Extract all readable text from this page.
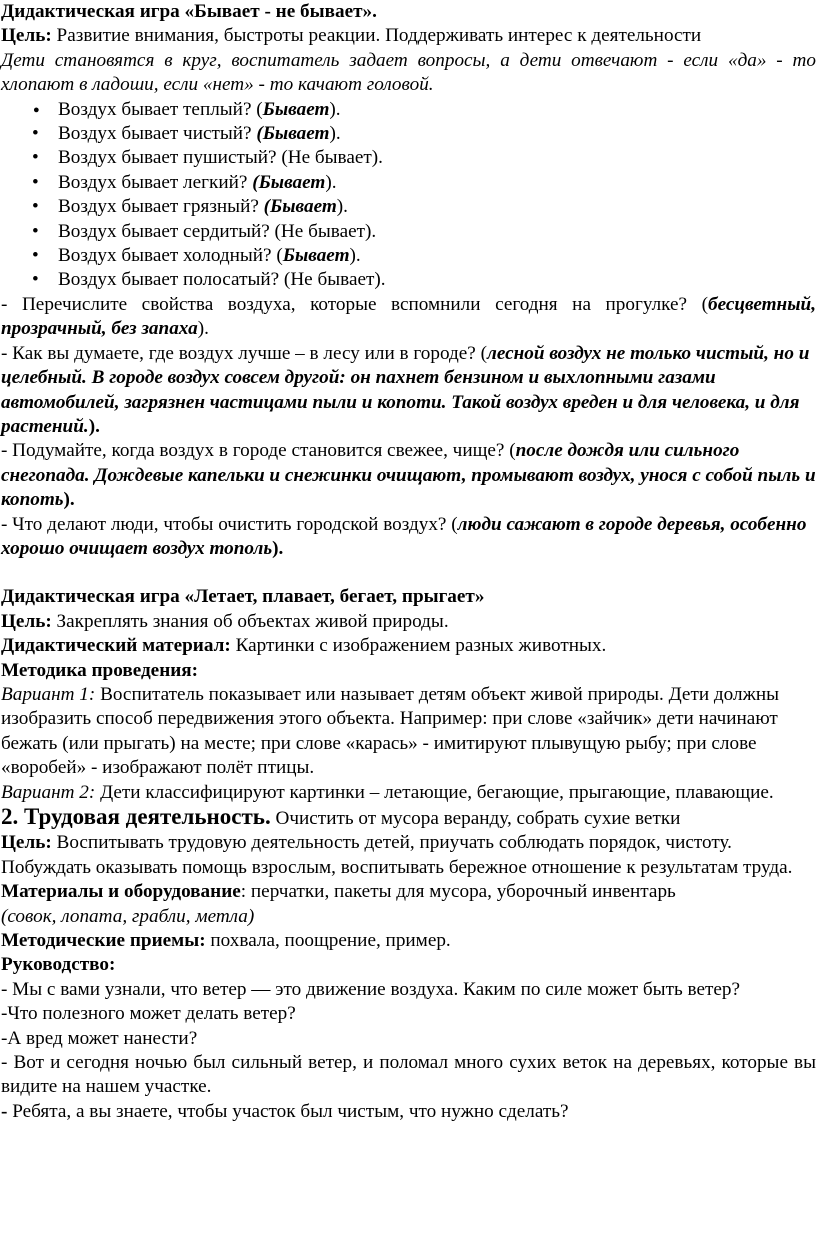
Дидактическая игра «Бывает - не бывает».

Цель: Развитие внимания, быстроты реакции. Поддерживать интерес к деятельности

Дети становятся в круг, воспитатель задает вопросы, а дети отвечают - если «да» - то хлопают в ладоши, если «нет» - то качают головой.

● Воздух бывает теплый? (Бывает).
• Воздух бывает чистый? (Бывает).
• Воздух бывает пушистый? (Не бывает).
• Воздух бывает легкий? (Бывает).
• Воздух бывает грязный? (Бывает).
• Воздух бывает сердитый? (Не бывает).
• Воздух бывает холодный? (Бывает).
• Воздух бывает полосатый? (Не бывает).

- Перечислите свойства воздуха, которые вспомнили сегодня на прогулке? (бесцветный, прозрачный, без запаха).

- Как вы думаете, где воздух лучше – в лесу или в городе? (лесной воздух не только чистый, но и целебный. В городе воздух совсем другой: он пахнет бензином и выхлопными газами автомобилей, загрязнен частицами пыли и копоти. Такой воздух вреден и для человека, и для растений.).

- Подумайте, когда воздух в городе становится свежее, чище? (после дождя или сильного снегопада. Дождевые капельки и снежинки очищают, промывают воздух, унося с собой пыль и копоть).

- Что делают люди, чтобы очистить городской воздух? (люди сажают в городе деревья, особенно хорошо очищает воздух тополь).

Дидактическая игра «Летает, плавает, бегает, прыгает»

Цель: Закреплять знания об объектах живой природы.

Дидактический материал: Картинки с изображением разных животных.

Методика проведения:

Вариант 1: Воспитатель показывает или называет детям объект живой природы. Дети должны изобразить способ передвижения этого объекта. Например: при слове «зайчик» дети начинают бежать (или прыгать) на месте; при слове «карась» - имитируют плывущую рыбу; при слове «воробей» - изображают полёт птицы.

Вариант 2: Дети классифицируют картинки – летающие, бегающие, прыгающие, плавающие.

2. Трудовая деятельность. Очистить от мусора веранду, собрать сухие ветки

Цель: Воспитывать трудовую деятельность детей, приучать соблюдать порядок, чистоту. Побуждать оказывать помощь взрослым, воспитывать бережное отношение к результатам труда.

Материалы и оборудование: перчатки, пакеты для мусора, уборочный инвентарь

(совок, лопата, грабли, метла)

Методические приемы: похвала, поощрение, пример.

Руководство:

- Мы с вами узнали, что ветер — это движение воздуха. Каким по силе может быть ветер?

-Что полезного может делать ветер?

-А вред может нанести?

- Вот и сегодня ночью был сильный ветер, и поломал много сухих веток на деревьях, которые вы видите на нашем участке.

- Ребята, а вы знаете, чтобы участок был чистым, что нужно сделать?
